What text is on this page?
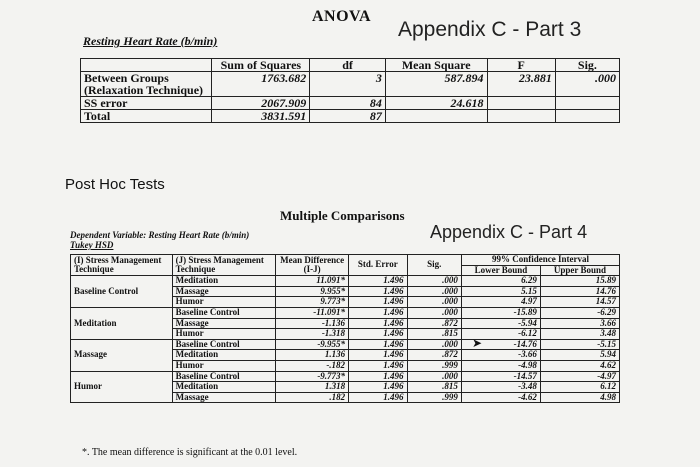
ANOVA
Appendix C - Part 3
Resting Heart Rate (b/min)
	Sum of Squares	df	Mean Square	F	Sig.
Between Groups (Relaxation Technique)	1763.682	3	587.894	23.881	.000
SS error	2067.909	84	24.618		
Total	3831.591	87			
Post Hoc Tests
Multiple Comparisons
Appendix C - Part 4
Dependent Variable: Resting Heart Rate (b/min)
Tukey HSD
(I) Stress Management Technique	(J) Stress Management Technique	Mean Difference (I-J)	Std. Error	Sig.	99% Confidence Interval	
					Lower Bound	Upper Bound
	Meditation	11.091*	1.496	.000	6.29	15.89
Baseline Control	Massage	9.955*	1.496	.000	5.15	14.76
	Humor	9.773*	1.496	.000	4.97	14.57
	Baseline Control	-11.091*	1.496	.000	-15.89	-6.29
Meditation	Massage	-1.136	1.496	.872	-5.94	3.66
	Humor	-1.318	1.496	.815	-6.12	3.48
	Baseline Control	-9.955*	1.496	.000	-14.76	-5.15
Massage	Meditation	1.136	1.496	.872	-3.66	5.94
	Humor	-.182	1.496	.999	-4.98	4.62
	Baseline Control	-9.773*	1.496	.000	-14.57	-4.97
Humor	Meditation	1.318	1.496	.815	-3.48	6.12
	Massage	.182	1.496	.999	-4.62	4.98
➤
*. The mean difference is significant at the 0.01 level.
